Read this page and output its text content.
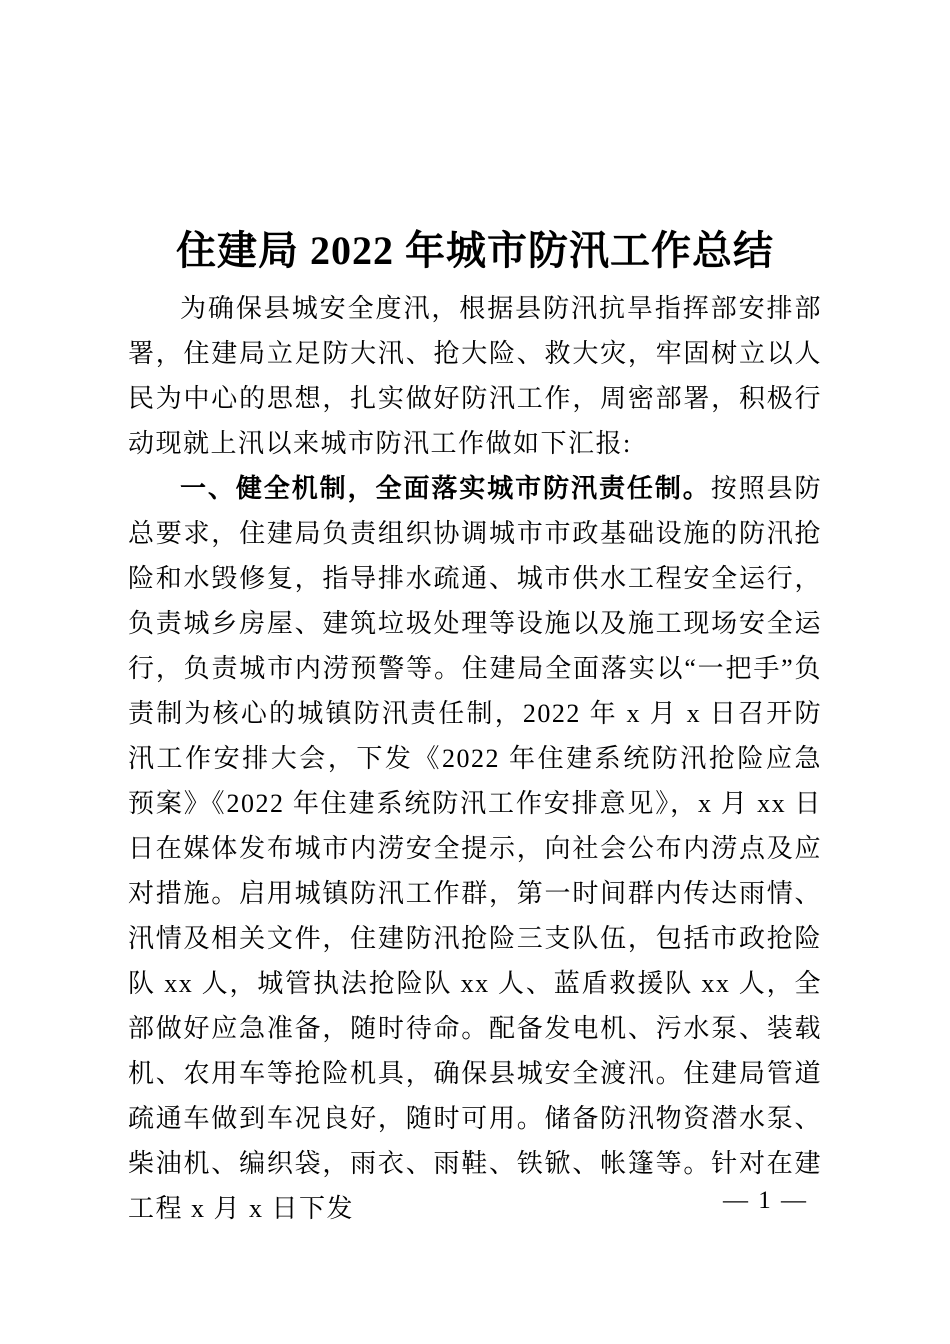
住建局 2022 年城市防汛工作总结

为确保县城安全度汛，根据县防汛抗旱指挥部安排部署，住建局立足防大汛、抢大险、救大灾，牢固树立以人民为中心的思想，扎实做好防汛工作，周密部署，积极行动现就上汛以来城市防汛工作做如下汇报:

一、健全机制，全面落实城市防汛责任制。按照县防总要求，住建局负责组织协调城市市政基础设施的防汛抢险和水毁修复，指导排水疏通、城市供水工程安全运行，负责城乡房屋、建筑垃圾处理等设施以及施工现场安全运行，负责城市内涝预警等。住建局全面落实以“一把手”负责制为核心的城镇防汛责任制，2022 年 x 月 x 日召开防汛工作安排大会，下发《2022 年住建系统防汛抢险应急预案》《2022 年住建系统防汛工作安排意见》，x 月 xx 日日在媒体发布城市内涝安全提示，向社会公布内涝点及应对措施。启用城镇防汛工作群，第一时间群内传达雨情、汛情及相关文件，住建防汛抢险三支队伍，包括市政抢险队 xx 人，城管执法抢险队 xx 人、蓝盾救援队 xx 人，全部做好应急准备，随时待命。配备发电机、污水泵、装载机、农用车等抢险机具，确保县城安全渡汛。住建局管道疏通车做到车况良好，随时可用。储备防汛物资潜水泵、柴油机、编织袋，雨衣、雨鞋、铁锨、帐篷等。针对在建工程 x 月 x 日下发	— 1 —
